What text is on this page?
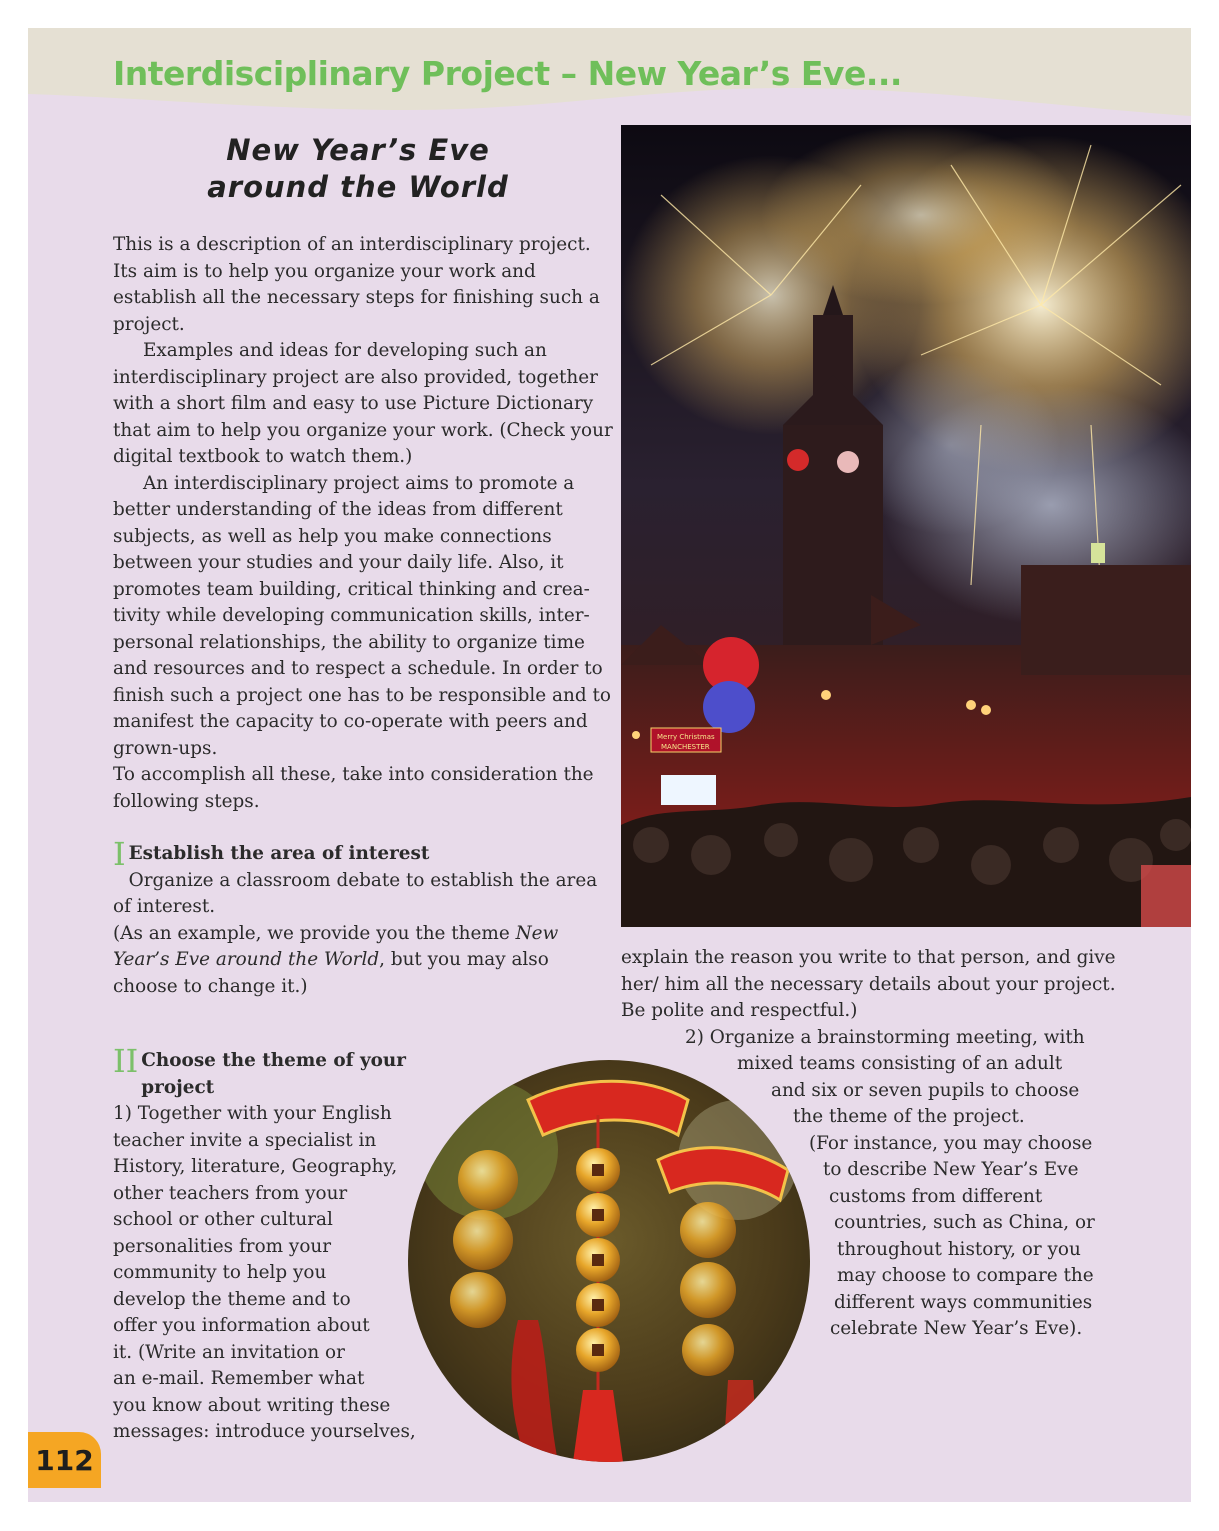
Interdisciplinary Project – New Year’s Eve...
New Year’s Eve
around the World

This is a description of an interdisciplinary project. Its aim is to help you organize your work and establish all the necessary steps for finishing such a project.

Examples and ideas for developing such an interdisciplinary project are also provided, together with a short film and easy to use Picture Dictionary that aim to help you organize your work. (Check your digital textbook to watch them.)

An interdisciplinary project aims to promote a better understanding of the ideas from different subjects, as well as help you make connections between your studies and your daily life. Also, it promotes team building, critical thinking and crea-tivity while developing communication skills, inter-personal relationships, the ability to organize time and resources and to respect a schedule. In order to finish such a project one has to be responsible and to manifest the capacity to co-operate with peers and grown-ups.

To accomplish all these, take into consideration the following steps.

I Establish the area of interest

Organize a classroom debate to establish the area of interest.

(As an example, we provide you the theme New Year’s Eve around the World, but you may also choose to change it.)

II Choose the theme of your project

1) Together with your English

teacher invite a specialist in

History, literature, Geography,

other teachers from your

school or other cultural

personalities from your

community to help you

develop the theme and to

offer you information about

it. (Write an invitation or

an e-mail. Remember what

you know about writing these

messages: introduce yourselves,

explain the reason you write to that person, and give her/ him all the necessary details about your project. Be polite and respectful.)

2) Organize a brainstorming meeting, with
mixed teams consisting of an adult
and six or seven pupils to choose
the theme of the project.
(For instance, you may choose
to describe New Year’s Eve
customs from different
countries, such as China, or
throughout history, or you
may choose to compare the
different ways communities
celebrate New Year’s Eve).
Merry Christmas
MANCHESTER
112
